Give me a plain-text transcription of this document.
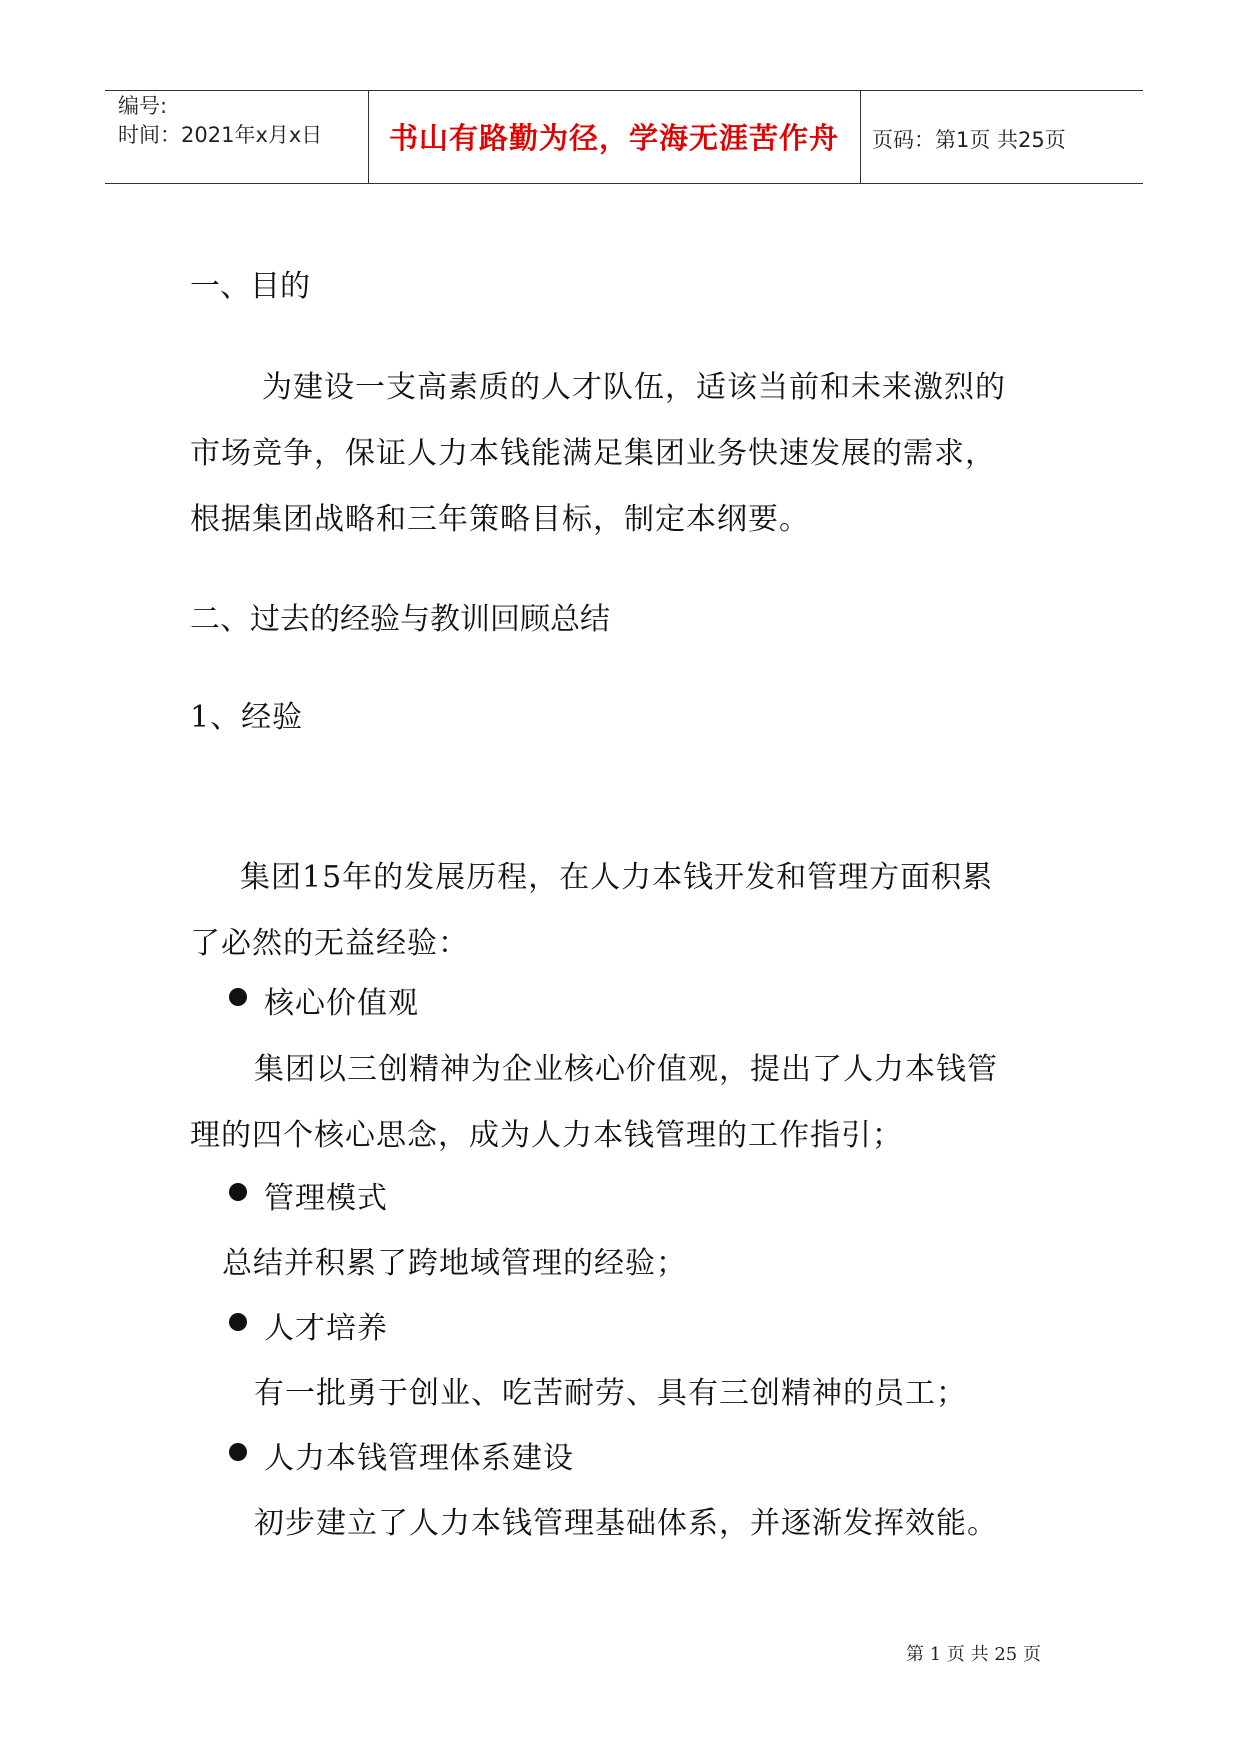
编号:
时间：2021年x月x日	书山有路勤为径，学海无涯苦作舟	页码：第1页 共25页
一、目的
为建设一支高素质的人才队伍，适该当前和未来激烈的
市场竞争，保证人力本钱能满足集团业务快速发展的需求，
根据集团战略和三年策略目标，制定本纲要。
二、过去的经验与教训回顾总结
1、经验
集团15年的发展历程，在人力本钱开发和管理方面积累
了必然的无益经验：
核心价值观
集团以三创精神为企业核心价值观，提出了人力本钱管
理的四个核心思念，成为人力本钱管理的工作指引；
管理模式
总结并积累了跨地域管理的经验；
人才培养
有一批勇于创业、吃苦耐劳、具有三创精神的员工；
人力本钱管理体系建设
初步建立了人力本钱管理基础体系，并逐渐发挥效能。
第 1 页 共 25 页
